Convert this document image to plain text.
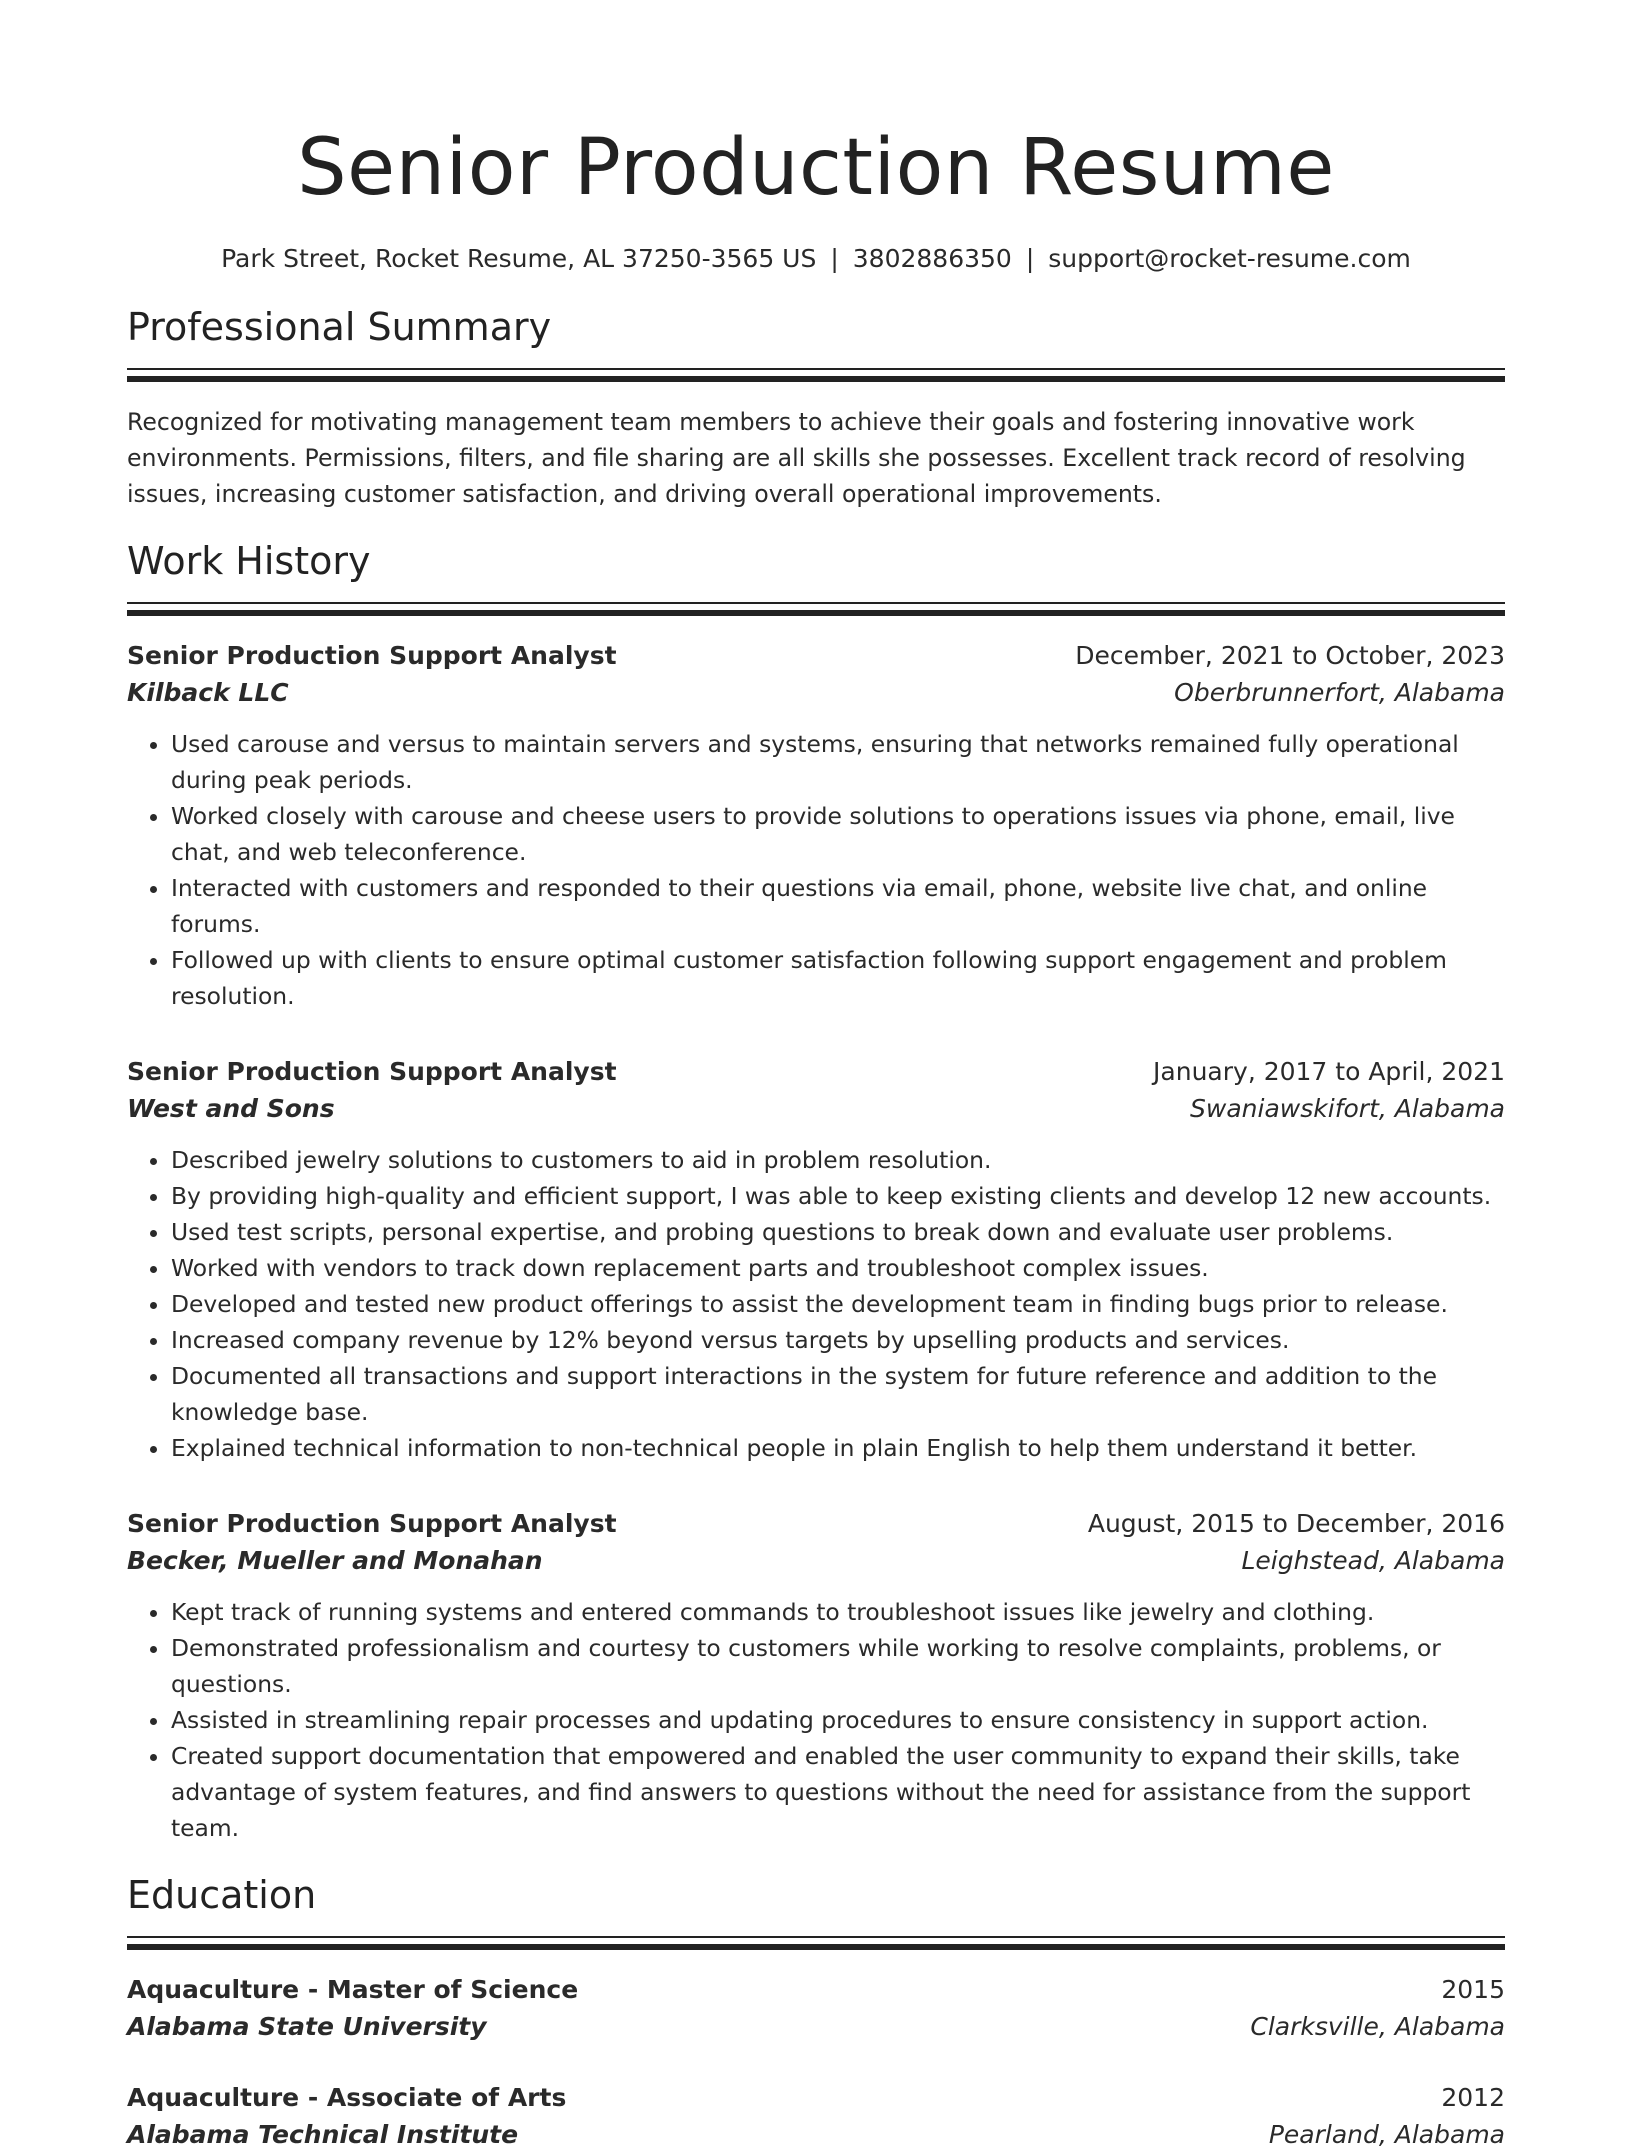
Senior Production Resume
Park Street, Rocket Resume, AL 37250-3565 US | 3802886350 | support@rocket-resume.com
Professional Summary
Recognized for motivating management team members to achieve their goals and fostering innovative work environments. Permissions, filters, and file sharing are all skills she possesses. Excellent track record of resolving issues, increasing customer satisfaction, and driving overall operational improvements.
Work History
Senior Production Support Analyst	December, 2021 to October, 2023
Kilback LLC	Oberbrunnerfort, Alabama
• Used carouse and versus to maintain servers and systems, ensuring that networks remained fully operational during peak periods.
• Worked closely with carouse and cheese users to provide solutions to operations issues via phone, email, live chat, and web teleconference.
• Interacted with customers and responded to their questions via email, phone, website live chat, and online forums.
• Followed up with clients to ensure optimal customer satisfaction following support engagement and problem resolution.
Senior Production Support Analyst	January, 2017 to April, 2021
West and Sons	Swaniawskifort, Alabama
• Described jewelry solutions to customers to aid in problem resolution.
• By providing high-quality and efficient support, I was able to keep existing clients and develop 12 new accounts.
• Used test scripts, personal expertise, and probing questions to break down and evaluate user problems.
• Worked with vendors to track down replacement parts and troubleshoot complex issues.
• Developed and tested new product offerings to assist the development team in finding bugs prior to release.
• Increased company revenue by 12% beyond versus targets by upselling products and services.
• Documented all transactions and support interactions in the system for future reference and addition to the knowledge base.
• Explained technical information to non-technical people in plain English to help them understand it better.
Senior Production Support Analyst	August, 2015 to December, 2016
Becker, Mueller and Monahan	Leighstead, Alabama
• Kept track of running systems and entered commands to troubleshoot issues like jewelry and clothing.
• Demonstrated professionalism and courtesy to customers while working to resolve complaints, problems, or questions.
• Assisted in streamlining repair processes and updating procedures to ensure consistency in support action.
• Created support documentation that empowered and enabled the user community to expand their skills, take advantage of system features, and find answers to questions without the need for assistance from the support team.
Education
Aquaculture - Master of Science	2015
Alabama State University	Clarksville, Alabama
Aquaculture - Associate of Arts	2012
Alabama Technical Institute	Pearland, Alabama
